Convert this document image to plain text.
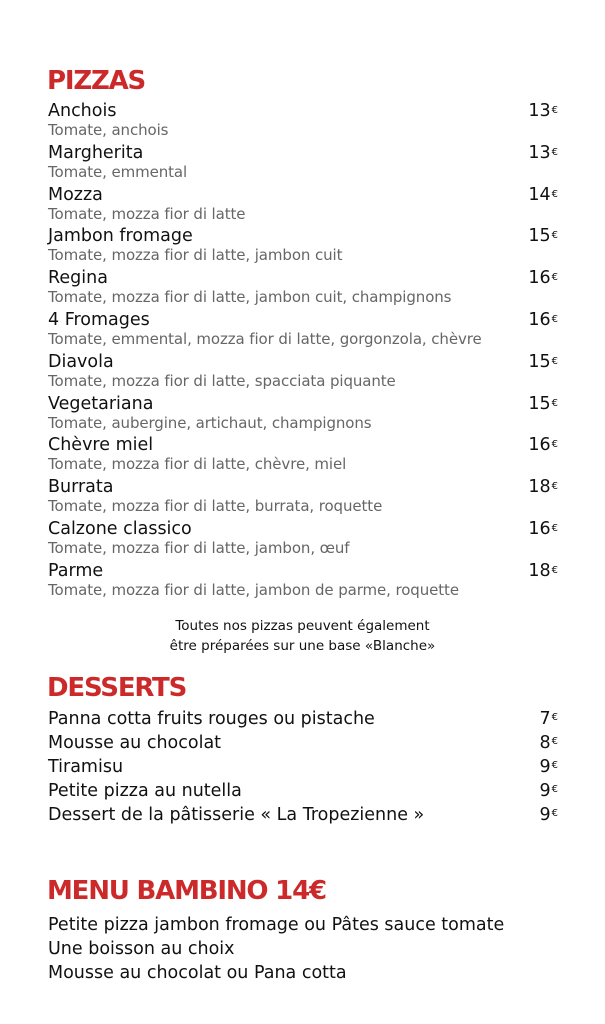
PIZZAS
Anchois
Tomate, anchois
13€
Margherita
Tomate, emmental
13€
Mozza
Tomate, mozza fior di latte
14€
Jambon fromage
Tomate, mozza fior di latte, jambon cuit
15€
Regina
Tomate, mozza fior di latte, jambon cuit, champignons
16€
4 Fromages
Tomate, emmental, mozza fior di latte, gorgonzola, chèvre
16€
Diavola
Tomate, mozza fior di latte, spacciata piquante
15€
Vegetariana
Tomate, aubergine, artichaut, champignons
15€
Chèvre miel
Tomate, mozza fior di latte, chèvre, miel
16€
Burrata
Tomate, mozza fior di latte, burrata, roquette
18€
Calzone classico
Tomate, mozza fior di latte, jambon, œuf
16€
Parme
Tomate, mozza fior di latte, jambon de parme, roquette
18€
Toutes nos pizzas peuvent également
être préparées sur une base «Blanche»
DESSERTS
Panna cotta fruits rouges ou pistache	7€
Mousse au chocolat	8€
Tiramisu	9€
Petite pizza au nutella	9€
Dessert de la pâtisserie « La Tropezienne »	9€
MENU BAMBINO 14€
Petite pizza jambon fromage ou Pâtes sauce tomate
Une boisson au choix
Mousse au chocolat ou Pana cotta
